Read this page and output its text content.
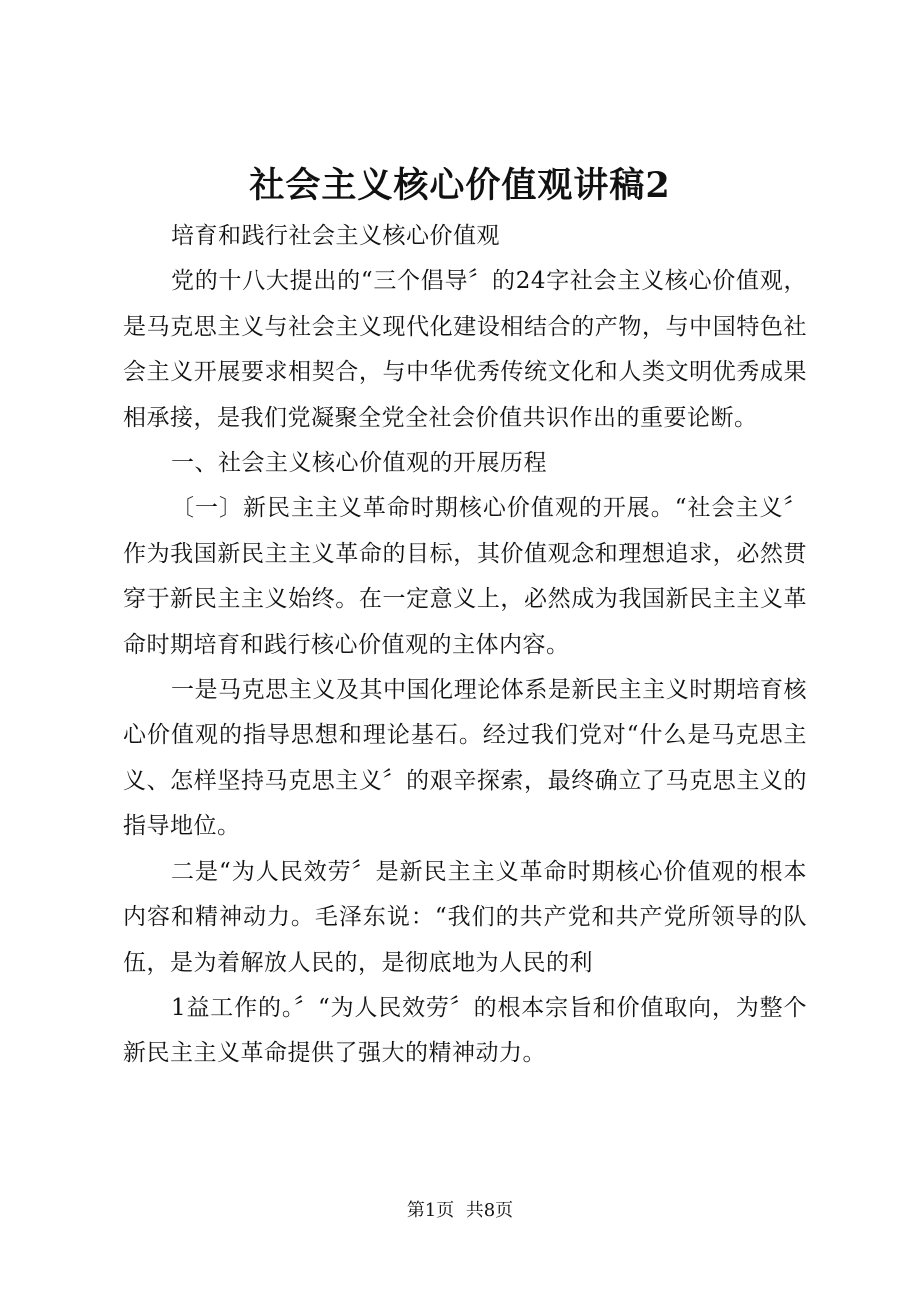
社会主义核心价值观讲稿2

培育和践行社会主义核心价值观

党的十八大提出的“三个倡导〞的24字社会主义核心价值观，是马克思主义与社会主义现代化建设相结合的产物，与中国特色社会主义开展要求相契合，与中华优秀传统文化和人类文明优秀成果相承接，是我们党凝聚全党全社会价值共识作出的重要论断。

一、社会主义核心价值观的开展历程

〔一〕新民主主义革命时期核心价值观的开展。“社会主义〞作为我国新民主主义革命的目标，其价值观念和理想追求，必然贯穿于新民主主义始终。在一定意义上，必然成为我国新民主主义革命时期培育和践行核心价值观的主体内容。

一是马克思主义及其中国化理论体系是新民主主义时期培育核心价值观的指导思想和理论基石。经过我们党对“什么是马克思主义、怎样坚持马克思主义〞的艰辛探索，最终确立了马克思主义的指导地位。

二是“为人民效劳〞是新民主主义革命时期核心价值观的根本内容和精神动力。毛泽东说：“我们的共产党和共产党所领导的队伍，是为着解放人民的，是彻底地为人民的利

1益工作的。〞“为人民效劳〞的根本宗旨和价值取向，为整个新民主主义革命提供了强大的精神动力。

第1页  共8页
